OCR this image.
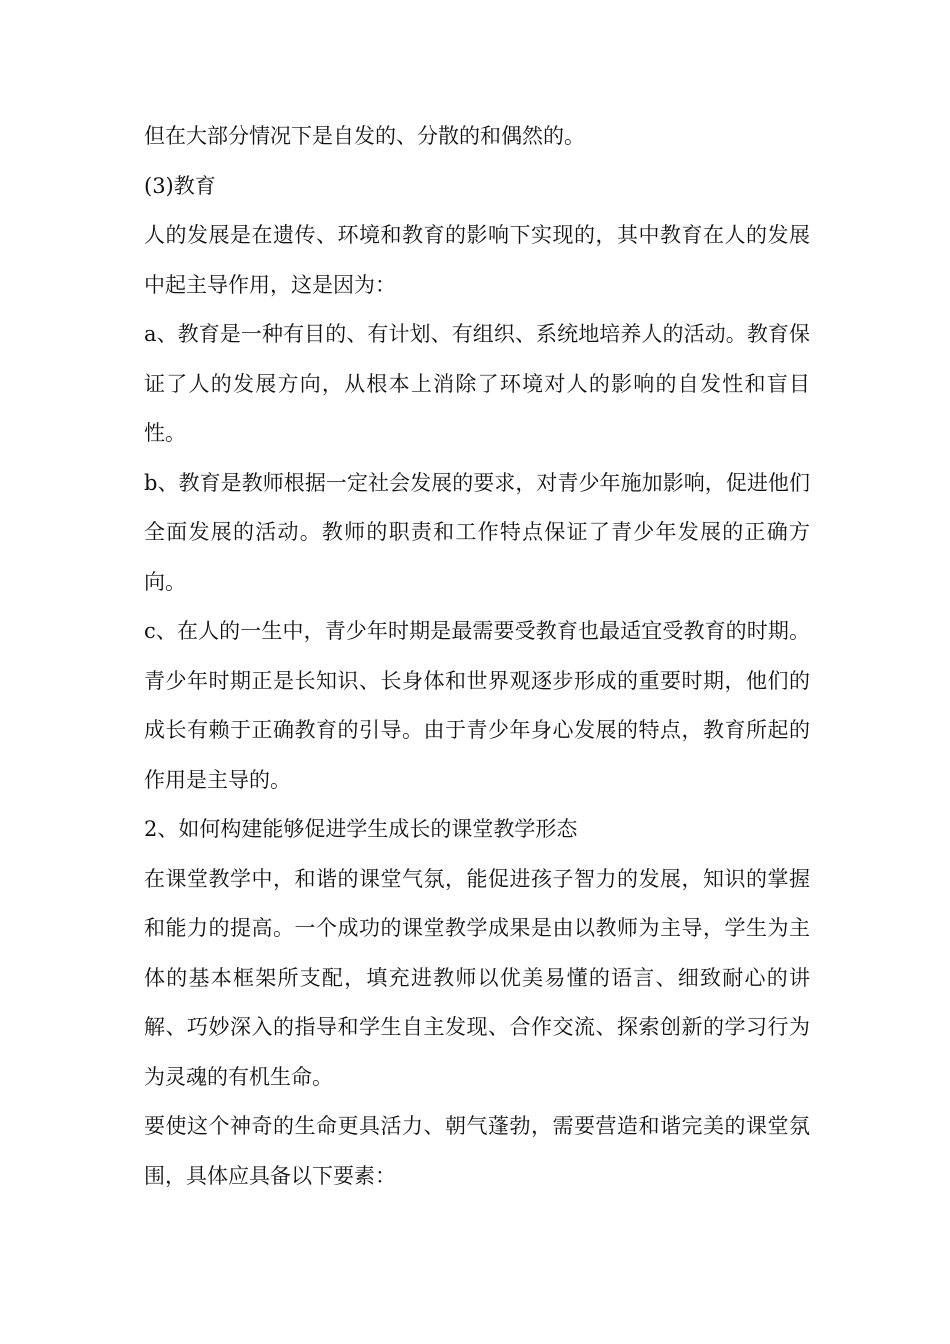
但在大部分情况下是自发的、分散的和偶然的。

(3)教育

人的发展是在遗传、环境和教育的影响下实现的，其中教育在人的发展中起主导作用，这是因为：

a、教育是一种有目的、有计划、有组织、系统地培养人的活动。教育保证了人的发展方向，从根本上消除了环境对人的影响的自发性和盲目性。

b、教育是教师根据一定社会发展的要求，对青少年施加影响，促进他们全面发展的活动。教师的职责和工作特点保证了青少年发展的正确方向。

c、在人的一生中，青少年时期是最需要受教育也最适宜受教育的时期。青少年时期正是长知识、长身体和世界观逐步形成的重要时期，他们的成长有赖于正确教育的引导。由于青少年身心发展的特点，教育所起的作用是主导的。

2、如何构建能够促进学生成长的课堂教学形态

在课堂教学中，和谐的课堂气氛，能促进孩子智力的发展，知识的掌握和能力的提高。一个成功的课堂教学成果是由以教师为主导，学生为主体的基本框架所支配，填充进教师以优美易懂的语言、细致耐心的讲解、巧妙深入的指导和学生自主发现、合作交流、探索创新的学习行为为灵魂的有机生命。

要使这个神奇的生命更具活力、朝气蓬勃，需要营造和谐完美的课堂氛围，具体应具备以下要素：
